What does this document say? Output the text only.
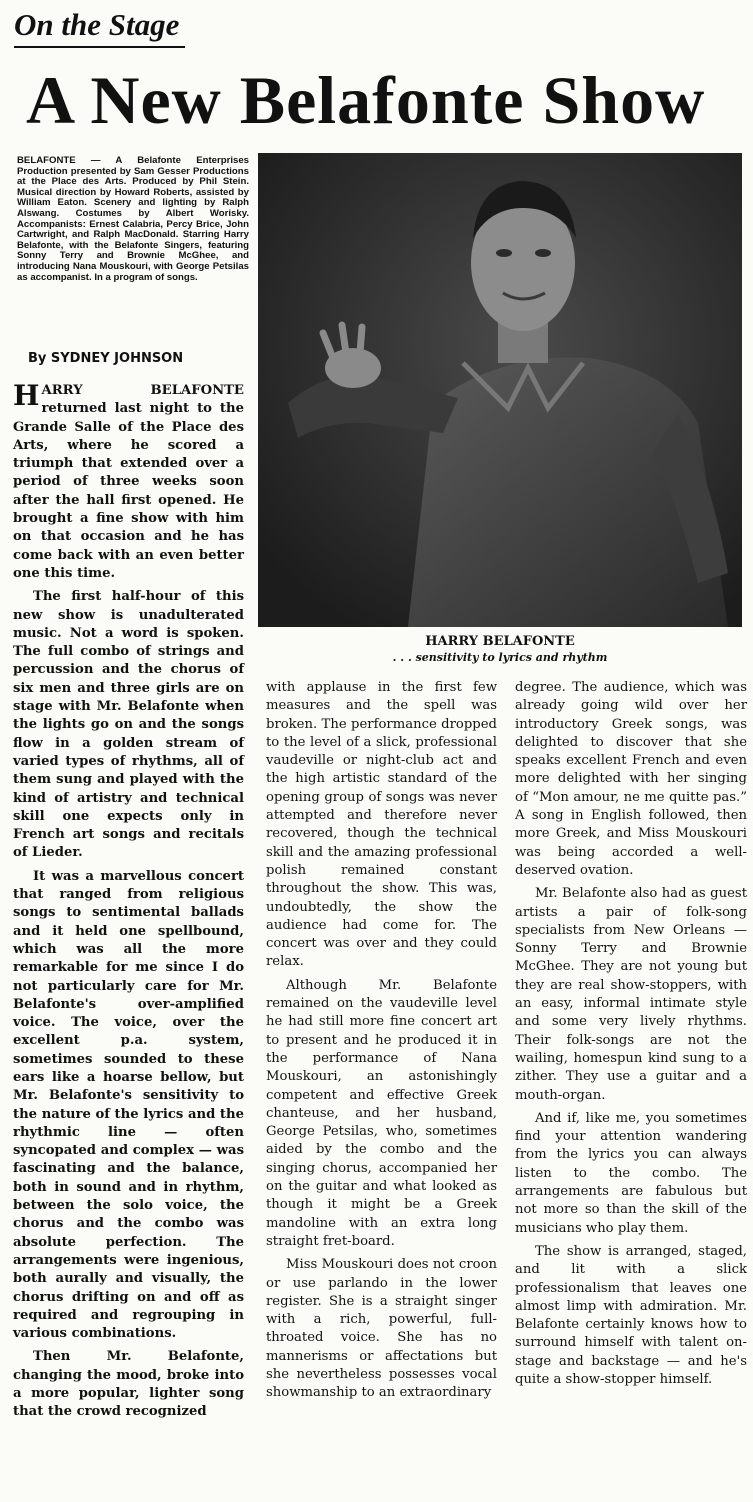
On the Stage
A New Belafonte Show
BELAFONTE — A Belafonte Enterprises Production presented by Sam Gesser Productions at the Place des Arts. Produced by Phil Stein. Musical direction by Howard Roberts, assisted by William Eaton. Scenery and lighting by Ralph Alswang. Costumes by Albert Worisky. Accompanists: Ernest Calabria, Percy Brice, John Cartwright, and Ralph MacDonald. Starring Harry Belafonte, with the Belafonte Singers, featuring Sonny Terry and Brownie McGhee, and introducing Nana Mouskouri, with George Petsilas as accompanist. In a program of songs.
By SYDNEY JOHNSON
HARRY BELAFONTE
. . . sensitivity to lyrics and rhythm

HARRY BELAFONTE returned last night to the Grande Salle of the Place des Arts, where he scored a triumph that extended over a period of three weeks soon after the hall first opened. He brought a fine show with him on that occasion and he has come back with an even better one this time.

The first half-hour of this new show is unadulterated music. Not a word is spoken. The full combo of strings and percussion and the chorus of six men and three girls are on stage with Mr. Belafonte when the lights go on and the songs flow in a golden stream of varied types of rhythms, all of them sung and played with the kind of artistry and technical skill one expects only in French art songs and recitals of Lieder.

It was a marvellous concert that ranged from religious songs to sentimental ballads and it held one spellbound, which was all the more remarkable for me since I do not particularly care for Mr. Belafonte's over-amplified voice. The voice, over the excellent p.a. system, sometimes sounded to these ears like a hoarse bellow, but Mr. Belafonte's sensitivity to the nature of the lyrics and the rhythmic line — often syncopated and complex — was fascinating and the balance, both in sound and in rhythm, between the solo voice, the chorus and the combo was absolute perfection. The arrangements were ingenious, both aurally and visually, the chorus drifting on and off as required and regrouping in various combinations.

Then Mr. Belafonte, changing the mood, broke into a more popular, lighter song that the crowd recognized

with applause in the first few measures and the spell was broken. The performance dropped to the level of a slick, professional vaudeville or night-club act and the high artistic standard of the opening group of songs was never attempted and therefore never recovered, though the technical skill and the amazing professional polish remained constant throughout the show. This was, undoubtedly, the show the audience had come for. The concert was over and they could relax.

Although Mr. Belafonte remained on the vaudeville level he had still more fine concert art to present and he produced it in the performance of Nana Mouskouri, an astonishingly competent and effective Greek chanteuse, and her husband, George Petsilas, who, sometimes aided by the combo and the singing chorus, accompanied her on the guitar and what looked as though it might be a Greek mandoline with an extra long straight fret-board.

Miss Mouskouri does not croon or use parlando in the lower register. She is a straight singer with a rich, powerful, full-throated voice. She has no mannerisms or affectations but she nevertheless possesses vocal showmanship to an extraordinary

degree. The audience, which was already going wild over her introductory Greek songs, was delighted to discover that she speaks excellent French and even more delighted with her singing of “Mon amour, ne me quitte pas.” A song in English followed, then more Greek, and Miss Mouskouri was being accorded a well-deserved ovation.

Mr. Belafonte also had as guest artists a pair of folk-song specialists from New Orleans — Sonny Terry and Brownie McGhee. They are not young but they are real show-stoppers, with an easy, informal intimate style and some very lively rhythms. Their folk-songs are not the wailing, homespun kind sung to a zither. They use a guitar and a mouth-organ.

And if, like me, you sometimes find your attention wandering from the lyrics you can always listen to the combo. The arrangements are fabulous but not more so than the skill of the musicians who play them.

The show is arranged, staged, and lit with a slick professionalism that leaves one almost limp with admiration. Mr. Belafonte certainly knows how to surround himself with talent on-stage and backstage — and he's quite a show-stopper himself.
